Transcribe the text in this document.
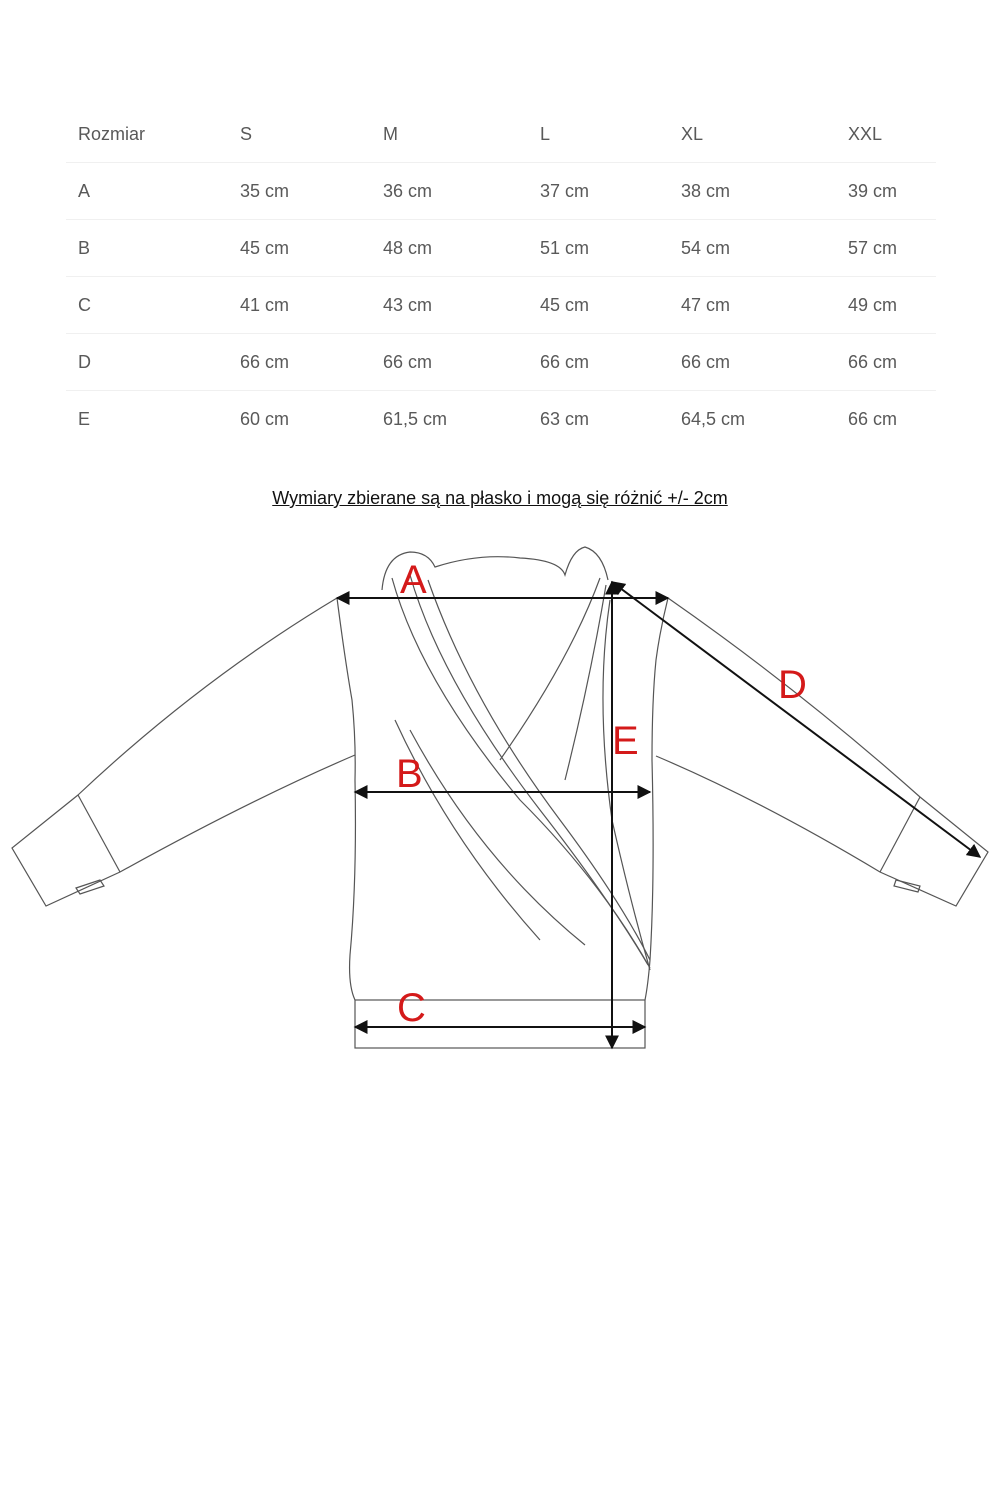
Rozmiar	S	M	L	XL	XXL
A	35 cm	36 cm	37 cm	38 cm	39 cm
B	45 cm	48 cm	51 cm	54 cm	57 cm
C	41 cm	43 cm	45 cm	47 cm	49 cm
D	66 cm	66 cm	66 cm	66 cm	66 cm
E	60 cm	61,5 cm	63 cm	64,5 cm	66 cm
Wymiary zbierane są na płasko i mogą się różnić +/- 2cm
A
B
C
D
E
